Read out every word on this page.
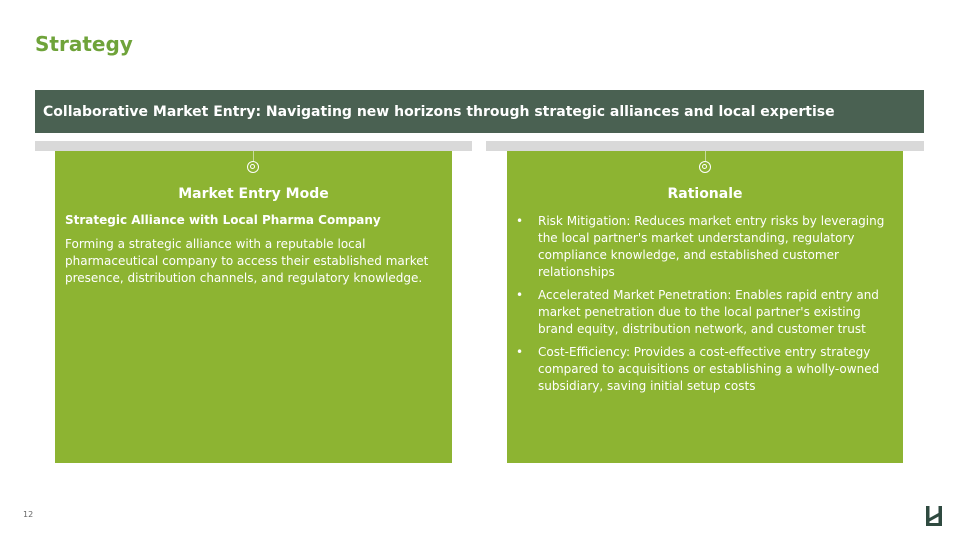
Strategy
Collaborative Market Entry: Navigating new horizons through strategic alliances and local expertise
Market Entry Mode
Strategic Alliance with Local Pharma Company
Forming a strategic alliance with a reputable local pharmaceutical company to access their established market presence, distribution channels, and regulatory knowledge.
Rationale
• Risk Mitigation: Reduces market entry risks by leveraging the local partner's market understanding, regulatory compliance knowledge, and established customer relationships
• Accelerated Market Penetration: Enables rapid entry and market penetration due to the local partner's existing brand equity, distribution network, and customer trust
• Cost-Efficiency: Provides a cost-effective entry strategy compared to acquisitions or establishing a wholly-owned subsidiary, saving initial setup costs
12
